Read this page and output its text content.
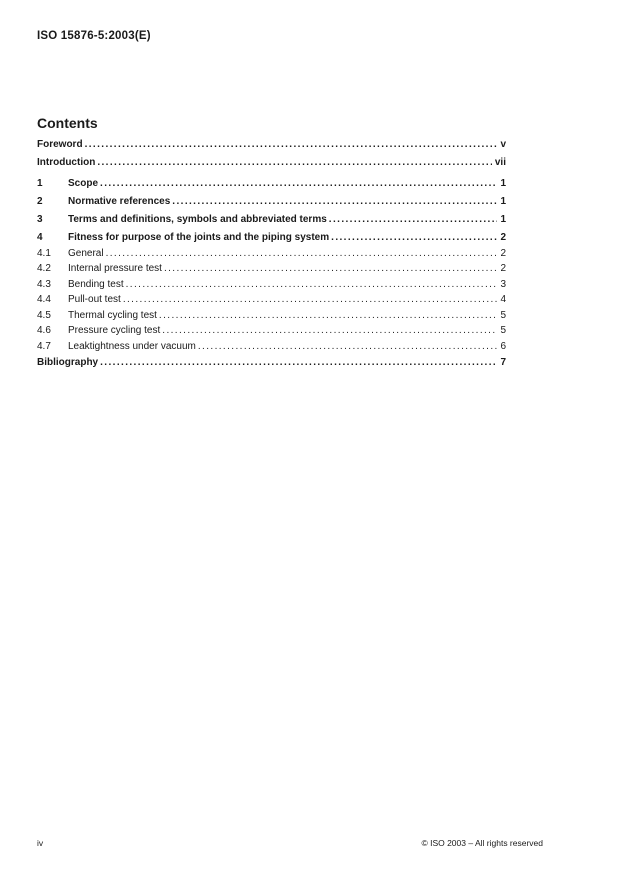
ISO 15876-5:2003(E)
Contents
Foreword .....	v
Introduction .....	vii
1	Scope .....	1
2	Normative references .....	1
3	Terms and definitions, symbols and abbreviated terms .....	1
4	Fitness for purpose of the joints and the piping system .....	2
4.1	General .....	2
4.2	Internal pressure test .....	2
4.3	Bending test .....	3
4.4	Pull-out test .....	4
4.5	Thermal cycling test .....	5
4.6	Pressure cycling test .....	5
4.7	Leaktightness under vacuum .....	6
Bibliography .....	7
iv	© ISO 2003 – All rights reserved
